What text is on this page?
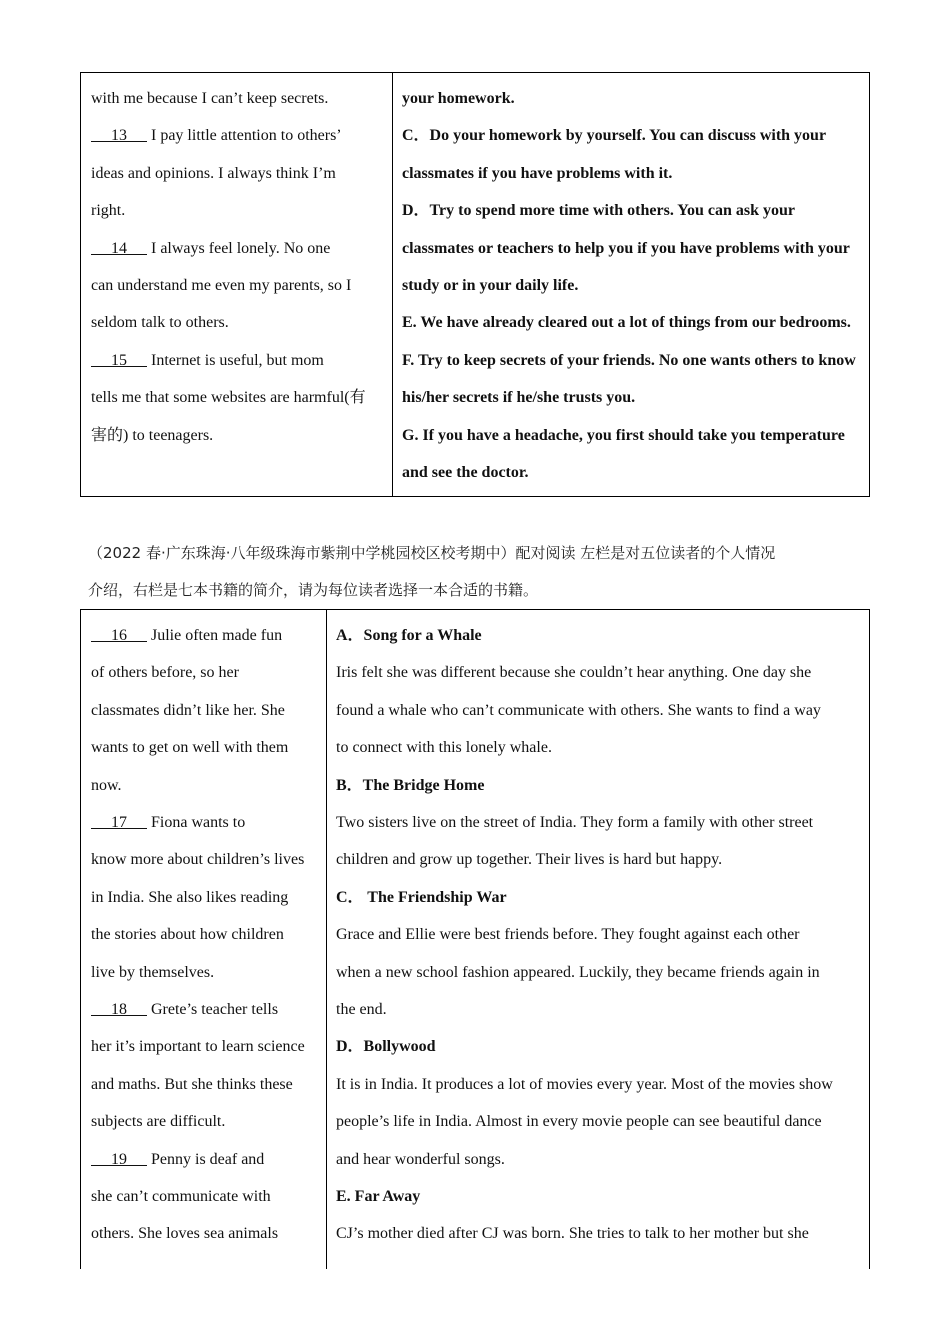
with me because I can’t keep secrets.
13      I pay little attention to others’
ideas and opinions. I always think I’m
right.
14      I always feel lonely. No one
can understand me even my parents, so I
seldom talk to others.
15      Internet is useful, but mom
tells me that some websites are harmful(有
害的) to teenagers.
your homework.
C．Do your homework by yourself. You can discuss with your
classmates if you have problems with it.
D．Try to spend more time with others. You can ask your
classmates or teachers to help you if you have problems with your
study or in your daily life.
E. We have already cleared out a lot of things from our bedrooms.
F. Try to keep secrets of your friends. No one wants others to know
his/her secrets if he/she trusts you.
G. If you have a headache, you first should take you temperature
and see the doctor.
（2022 春·广东珠海·八年级珠海市紫荆中学桃园校区校考期中）配对阅读 左栏是对五位读者的个人情况
介绍，右栏是七本书籍的简介，请为每位读者选择一本合适的书籍。
16      Julie often made fun
of others before, so her
classmates didn’t like her. She
wants to get on well with them
now.
17      Fiona wants to
know more about children’s lives
in India. She also likes reading
the stories about how children
live by themselves.
18      Grete’s teacher tells
her it’s important to learn science
and maths. But she thinks these
subjects are difficult.
19      Penny is deaf and
she can’t communicate with
others. She loves sea animals
A．Song for a Whale
Iris felt she was different because she couldn’t hear anything. One day she
found a whale who can’t communicate with others. She wants to find a way
to connect with this lonely whale.
B．The Bridge Home
Two sisters live on the street of India. They form a family with other street
children and grow up together. Their lives is hard but happy.
C． The Friendship War
Grace and Ellie were best friends before. They fought against each other
when a new school fashion appeared. Luckily, they became friends again in
the end.
D．Bollywood
It is in India. It produces a lot of movies every year. Most of the movies show
people’s life in India. Almost in every movie people can see beautiful dance
and hear wonderful songs.
E. Far Away
CJ’s mother died after CJ was born. She tries to talk to her mother but she
